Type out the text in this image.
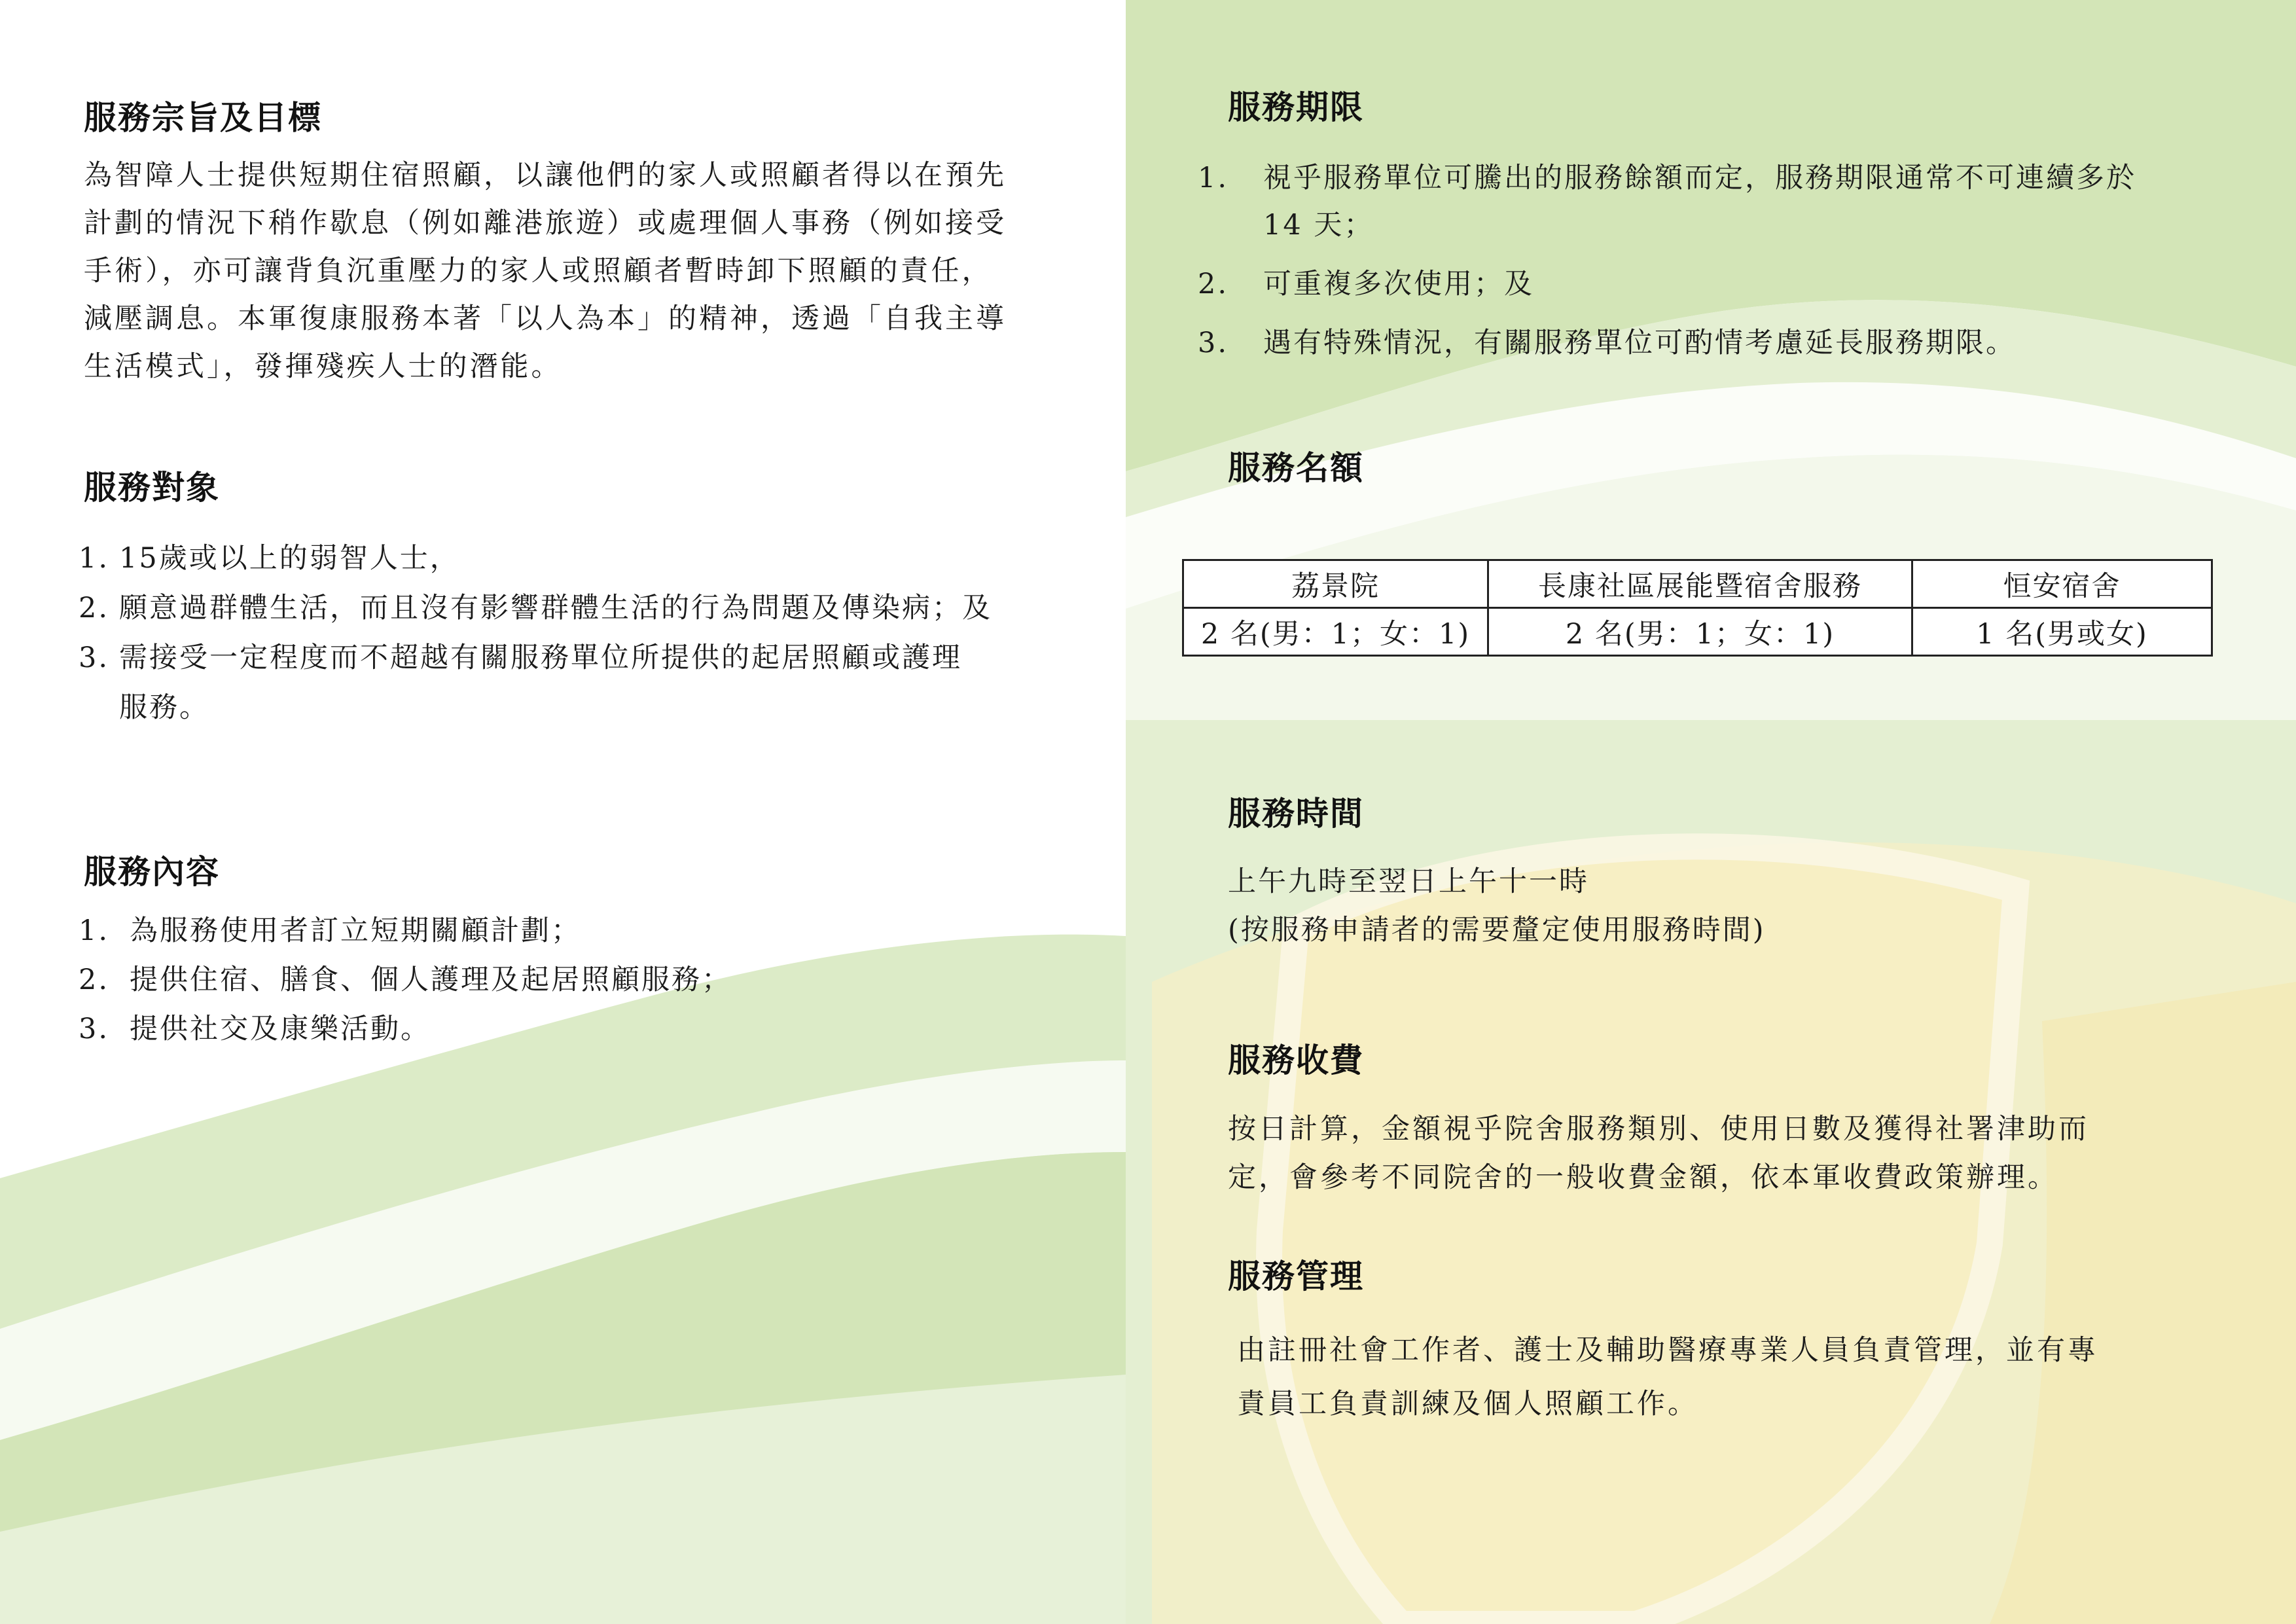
服務宗旨及目標

為智障人士提供短期住宿照顧，以讓他們的家人或照顧者得以在預先
計劃的情況下稍作歇息（例如離港旅遊）或處理個人事務（例如接受
手術），亦可讓背負沉重壓力的家人或照顧者暫時卸下照顧的責任，
減壓調息。本軍復康服務本著「以人為本」的精神，透過「自我主導
生活模式」，發揮殘疾人士的潛能。

服務對象
1. 15歲或以上的弱智人士，
2. 願意過群體生活，而且沒有影響群體生活的行為問題及傳染病；及
3. 需接受一定程度而不超越有關服務單位所提供的起居照顧或護理
服務。
服務內容
1. 為服務使用者訂立短期關顧計劃；
2. 提供住宿、膳食、個人護理及起居照顧服務；
3. 提供社交及康樂活動。
服務期限
1. 視乎服務單位可騰出的服務餘額而定，服務期限通常不可連續多於
14 天；
2. 可重複多次使用；及
3. 遇有特殊情況，有關服務單位可酌情考慮延長服務期限。
服務名額
荔景院	長康社區展能暨宿舍服務	恒安宿舍
2 名(男：1；女：1)	2 名(男：1；女：1)	1 名(男或女)
服務時間

上午九時至翌日上午十一時
(按服務申請者的需要釐定使用服務時間)

服務收費

按日計算，金額視乎院舍服務類別、使用日數及獲得社署津助而
定，會參考不同院舍的一般收費金額，依本軍收費政策辦理。

服務管理

由註冊社會工作者、護士及輔助醫療專業人員負責管理，並有專
責員工負責訓練及個人照顧工作。
